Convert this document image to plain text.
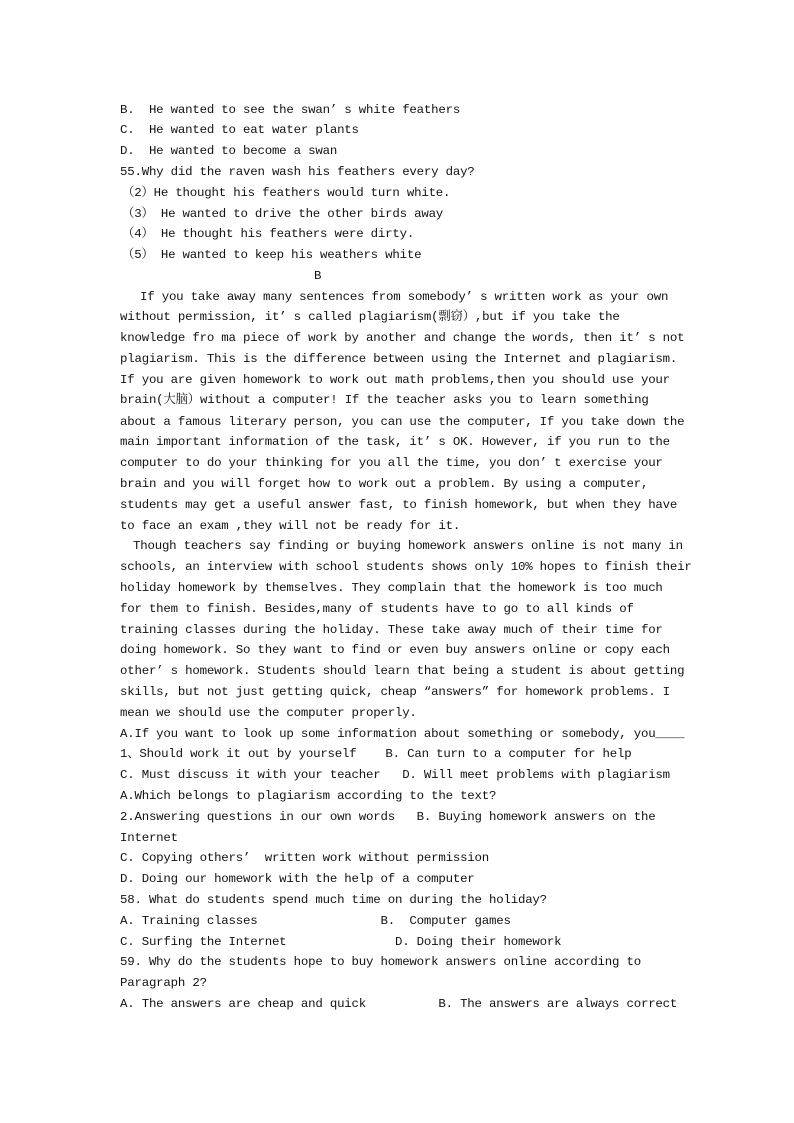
B.  He wanted to see the swan’ s white feathers
C.  He wanted to eat water plants
D.  He wanted to become a swan
55.Why did the raven wash his feathers every day?
（2）He thought his feathers would turn white.
（3） He wanted to drive the other birds away
（4） He thought his feathers were dirty.
（5） He wanted to keep his weathers white
B
If you take away many sentences from somebody’ s written work as your own
without permission, it’ s called plagiarism(剽窃）,but if you take the
knowledge fro ma piece of work by another and change the words, then it’ s not
plagiarism. This is the difference between using the Internet and plagiarism.
If you are given homework to work out math problems,then you should use your
brain(大脑）without a computer! If the teacher asks you to learn something
about a famous literary person, you can use the computer, If you take down the
main important information of the task, it’ s OK. However, if you run to the
computer to do your thinking for you all the time, you don’ t exercise your
brain and you will forget how to work out a problem. By using a computer,
students may get a useful answer fast, to finish homework, but when they have
to face an exam ,they will not be ready for it.
Though teachers say finding or buying homework answers online is not many in
schools, an interview with school students shows only 10% hopes to finish their
holiday homework by themselves. They complain that the homework is too much
for them to finish. Besides,many of students have to go to all kinds of
training classes during the holiday. These take away much of their time for
doing homework. So they want to find or even buy answers online or copy each
other’ s homework. Students should learn that being a student is about getting
skills, but not just getting quick, cheap “answers” for homework problems. I
mean we should use the computer properly.
A.If you want to look up some information about something or somebody, you____
1、Should work it out by yourself    B. Can turn to a computer for help
C. Must discuss it with your teacher   D. Will meet problems with plagiarism
A.Which belongs to plagiarism according to the text?
2.Answering questions in our own words   B. Buying homework answers on the
Internet
C. Copying others’  written work without permission
D. Doing our homework with the help of a computer
58. What do students spend much time on during the holiday?
A. Training classes                 B.  Computer games
C. Surfing the Internet               D. Doing their homework
59. Why do the students hope to buy homework answers online according to
Paragraph 2?
A. The answers are cheap and quick          B. The answers are always correct
